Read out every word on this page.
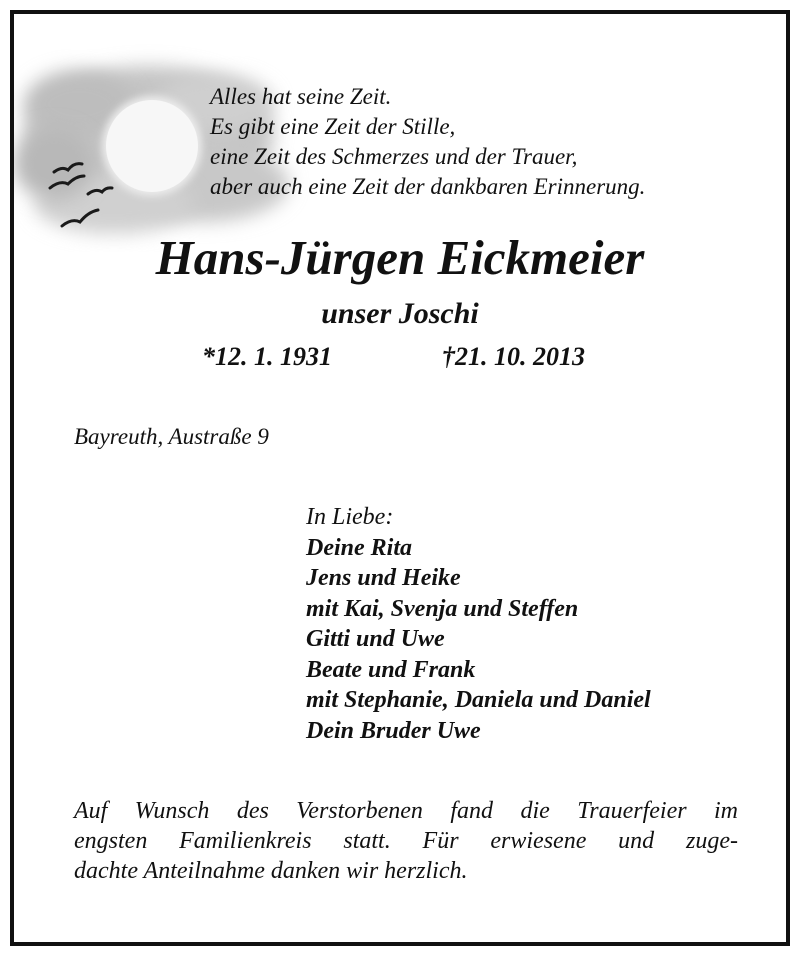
Alles hat seine Zeit.
Es gibt eine Zeit der Stille,
eine Zeit des Schmerzes und der Trauer,
aber auch eine Zeit der dankbaren Erinnerung.
Hans-Jürgen Eickmeier
unser Joschi
*12. 1. 1931	†21. 10. 2013
Bayreuth, Austraße 9
In Liebe:
Deine Rita
Jens und Heike
mit Kai, Svenja und Steffen
Gitti und Uwe
Beate und Frank
mit Stephanie, Daniela und Daniel
Dein Bruder Uwe
Auf Wunsch des Verstorbenen fand die Trauerfeier im
engsten Familienkreis statt. Für erwiesene und zuge-
dachte Anteilnahme danken wir herzlich.
